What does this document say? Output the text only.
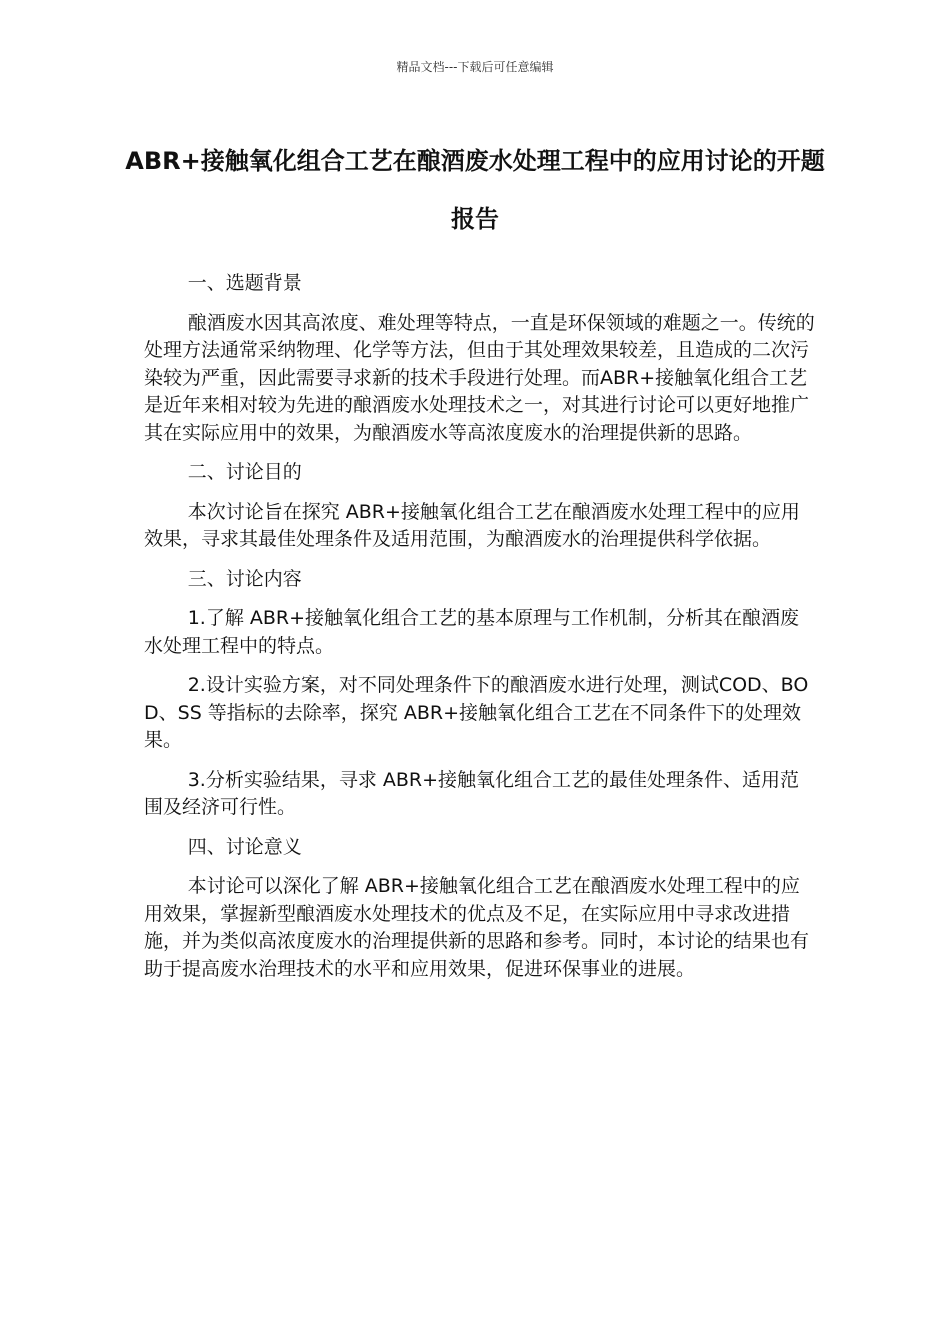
精品文档---下载后可任意编辑
ABR+接触氧化组合工艺在酿酒废水处理工程中的应用讨论的开题报告

一、选题背景

酿酒废水因其高浓度、难处理等特点，一直是环保领域的难题之一。传统的处理方法通常采纳物理、化学等方法，但由于其处理效果较差，且造成的二次污染较为严重，因此需要寻求新的技术手段进行处理。而ABR+接触氧化组合工艺是近年来相对较为先进的酿酒废水处理技术之一，对其进行讨论可以更好地推广其在实际应用中的效果，为酿酒废水等高浓度废水的治理提供新的思路。

二、讨论目的

本次讨论旨在探究 ABR+接触氧化组合工艺在酿酒废水处理工程中的应用效果，寻求其最佳处理条件及适用范围，为酿酒废水的治理提供科学依据。

三、讨论内容

1.了解 ABR+接触氧化组合工艺的基本原理与工作机制，分析其在酿酒废水处理工程中的特点。

2.设计实验方案，对不同处理条件下的酿酒废水进行处理，测试COD、BOD、SS 等指标的去除率，探究 ABR+接触氧化组合工艺在不同条件下的处理效果。

3.分析实验结果，寻求 ABR+接触氧化组合工艺的最佳处理条件、适用范围及经济可行性。

四、讨论意义

本讨论可以深化了解 ABR+接触氧化组合工艺在酿酒废水处理工程中的应用效果，掌握新型酿酒废水处理技术的优点及不足，在实际应用中寻求改进措施，并为类似高浓度废水的治理提供新的思路和参考。同时，本讨论的结果也有助于提高废水治理技术的水平和应用效果，促进环保事业的进展。
